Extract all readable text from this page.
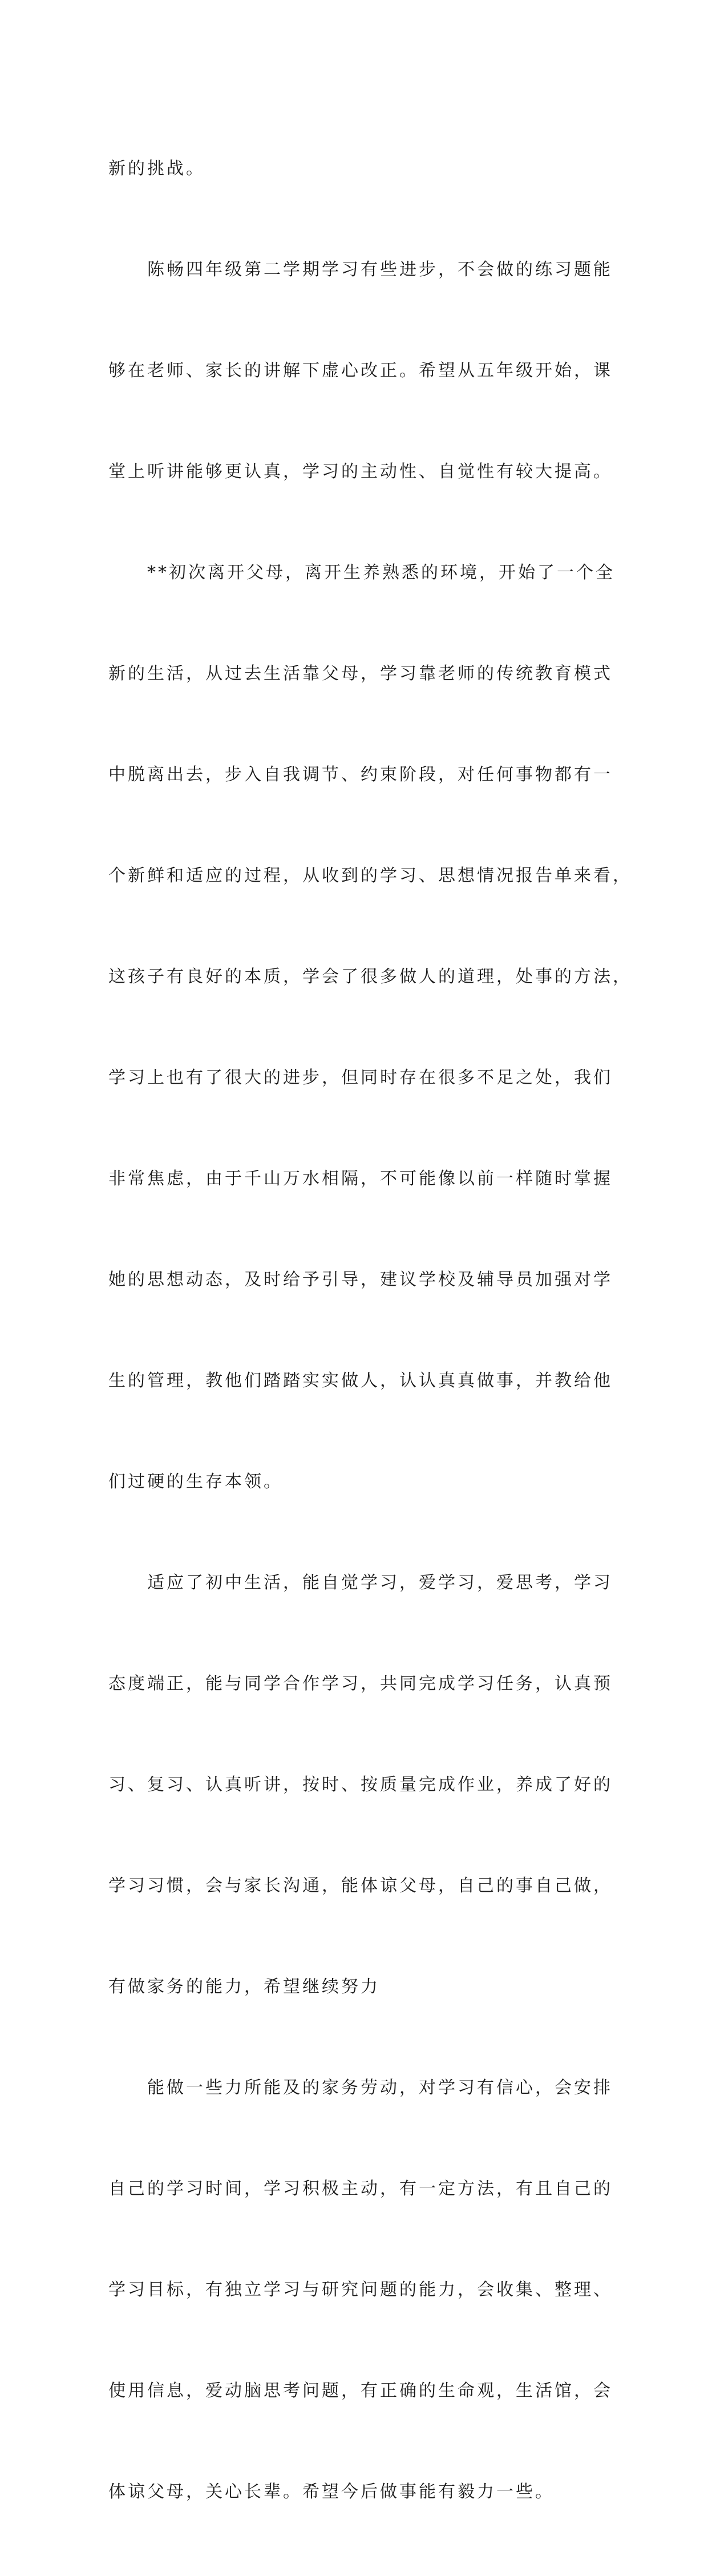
新的挑战。

　　陈畅四年级第二学期学习有些进步，不会做的练习题能

够在老师、家长的讲解下虚心改正。希望从五年级开始，课

堂上听讲能够更认真，学习的主动性、自觉性有较大提高。

　　**初次离开父母，离开生养熟悉的环境，开始了一个全

新的生活，从过去生活靠父母，学习靠老师的传统教育模式

中脱离出去，步入自我调节、约束阶段，对任何事物都有一

个新鲜和适应的过程，从收到的学习、思想情况报告单来看，

这孩子有良好的本质，学会了很多做人的道理，处事的方法，

学习上也有了很大的进步，但同时存在很多不足之处，我们

非常焦虑，由于千山万水相隔，不可能像以前一样随时掌握

她的思想动态，及时给予引导，建议学校及辅导员加强对学

生的管理，教他们踏踏实实做人，认认真真做事，并教给他

们过硬的生存本领。

　　适应了初中生活，能自觉学习，爱学习，爱思考，学习

态度端正，能与同学合作学习，共同完成学习任务，认真预

习、复习、认真听讲，按时、按质量完成作业，养成了好的

学习习惯，会与家长沟通，能体谅父母，自己的事自己做，

有做家务的能力，希望继续努力

　　能做一些力所能及的家务劳动，对学习有信心，会安排

自己的学习时间，学习积极主动，有一定方法，有且自己的

学习目标，有独立学习与研究问题的能力，会收集、整理、

使用信息，爱动脑思考问题，有正确的生命观，生活馆，会

体谅父母，关心长辈。希望今后做事能有毅力一些。
